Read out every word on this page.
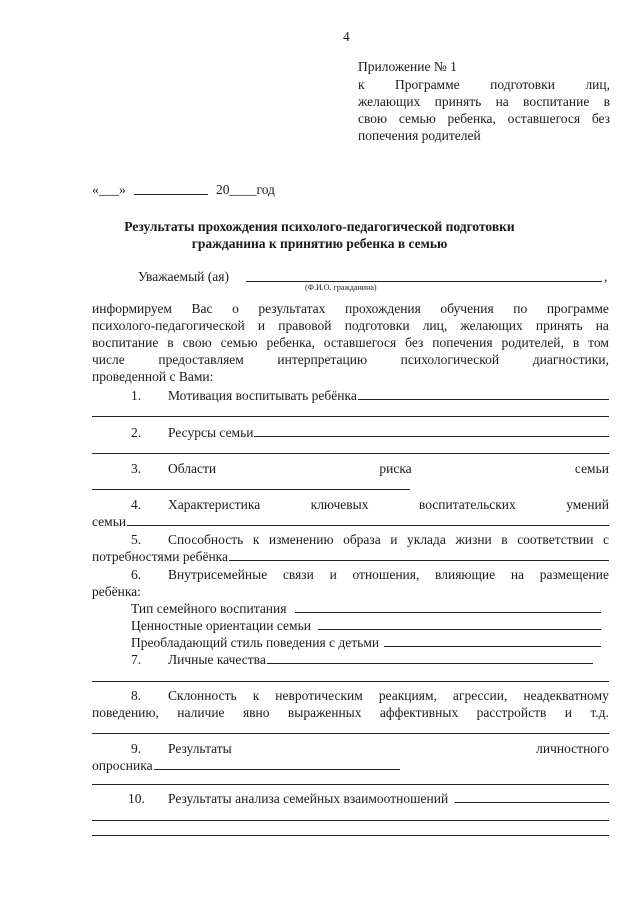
4
Приложение № 1
к Программе подготовки лиц,
желающих принять на воспитание в
свою семью ребенка, оставшегося без
попечения родителей
«___»	20____год
Результаты прохождения психолого-педагогической подготовки
гражданина к принятию ребенка в семью
Уважаемый (ая)	,
(Ф.И.О. гражданина)
информируем Вас о результатах прохождения обучения по программе
психолого-педагогической и правовой подготовки лиц, желающих принять на
воспитание в свою семью ребенка, оставшегося без попечения родителей, в том
числе предоставляем интерпретацию психологической диагностики,
проведенной с Вами:
1. Мотивация воспитывать ребёнка
2. Ресурсы семьи
3. Области	риска	семьи
4. Характеристика	ключевых	воспитательских	умений
семьи
5. Способность к изменению образа и уклада жизни в соответствии с
потребностями ребёнка
6. Внутрисемейные связи и отношения, влияющие на размещение
ребёнка:
Тип семейного воспитания
Ценностные ориентации семьи
Преобладающий стиль поведения с детьми
7. Личные качества
8. Склонность к невротическим реакциям, агрессии, неадекватному
поведению, наличие явно выраженных аффективных расстройств и т.д.
9. Результаты	личностного
опросника
10. Результаты анализа семейных взаимоотношений
